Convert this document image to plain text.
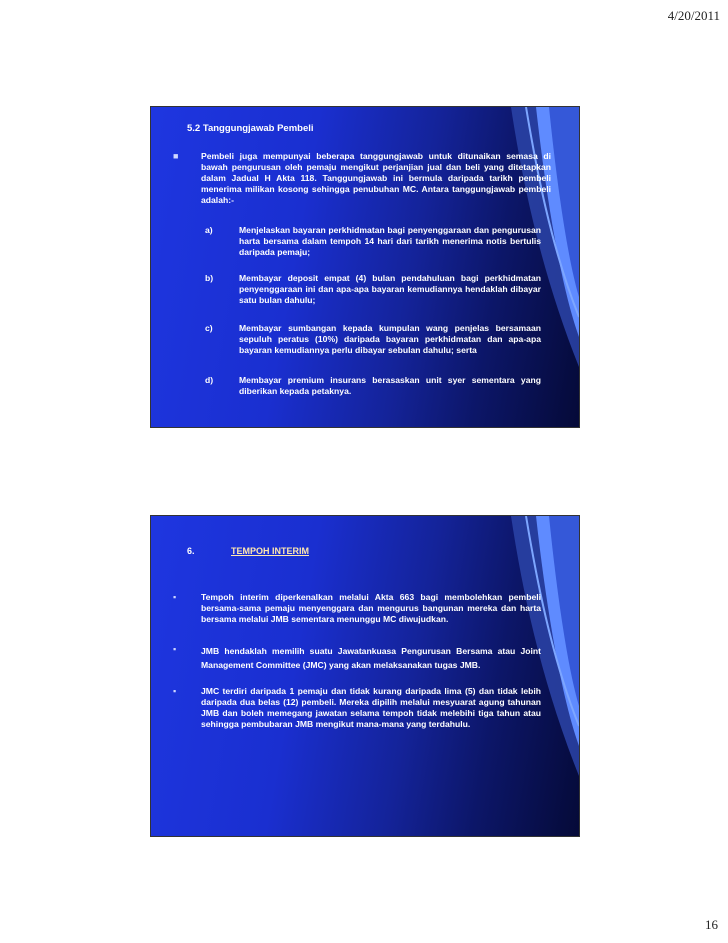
4/20/2011
5.2 Tanggungjawab Pembeli
■	Pembeli juga mempunyai beberapa tanggungjawab untuk ditunaikan semasa di bawah pengurusan oleh pemaju mengikut perjanjian jual dan beli yang ditetapkan dalam Jadual H Akta 118. Tanggungjawab ini bermula daripada tarikh pembeli menerima milikan kosong sehingga penubuhan MC. Antara tanggungjawab pembeli adalah:-
a)	Menjelaskan bayaran perkhidmatan bagi penyenggaraan dan pengurusan harta bersama dalam tempoh 14 hari dari tarikh menerima notis bertulis daripada pemaju;
b)	Membayar deposit empat (4) bulan pendahuluan bagi perkhidmatan penyenggaraan ini dan apa-apa bayaran kemudiannya hendaklah dibayar satu bulan dahulu;
c)	Membayar sumbangan kepada kumpulan wang penjelas bersamaan sepuluh peratus (10%) daripada bayaran perkhidmatan dan apa-apa bayaran kemudiannya perlu dibayar sebulan dahulu; serta
d)	Membayar premium insurans berasaskan unit syer sementara yang diberikan kepada petaknya.
6.	TEMPOH INTERIM
▪	Tempoh interim diperkenalkan melalui Akta 663 bagi membolehkan pembeli bersama-sama pemaju menyenggara dan mengurus bangunan mereka dan harta bersama melalui JMB sementara menunggu MC diwujudkan.
▪	JMB hendaklah memilih suatu Jawatankuasa Pengurusan Bersama atau Joint Management Committee (JMC) yang akan melaksanakan tugas JMB.
▪	JMC terdiri daripada 1 pemaju dan tidak kurang daripada lima (5) dan tidak lebih daripada dua belas (12) pembeli. Mereka dipilih melalui mesyuarat agung tahunan JMB dan boleh memegang jawatan selama tempoh tidak melebihi tiga tahun atau sehingga pembubaran JMB mengikut mana-mana yang terdahulu.
16
